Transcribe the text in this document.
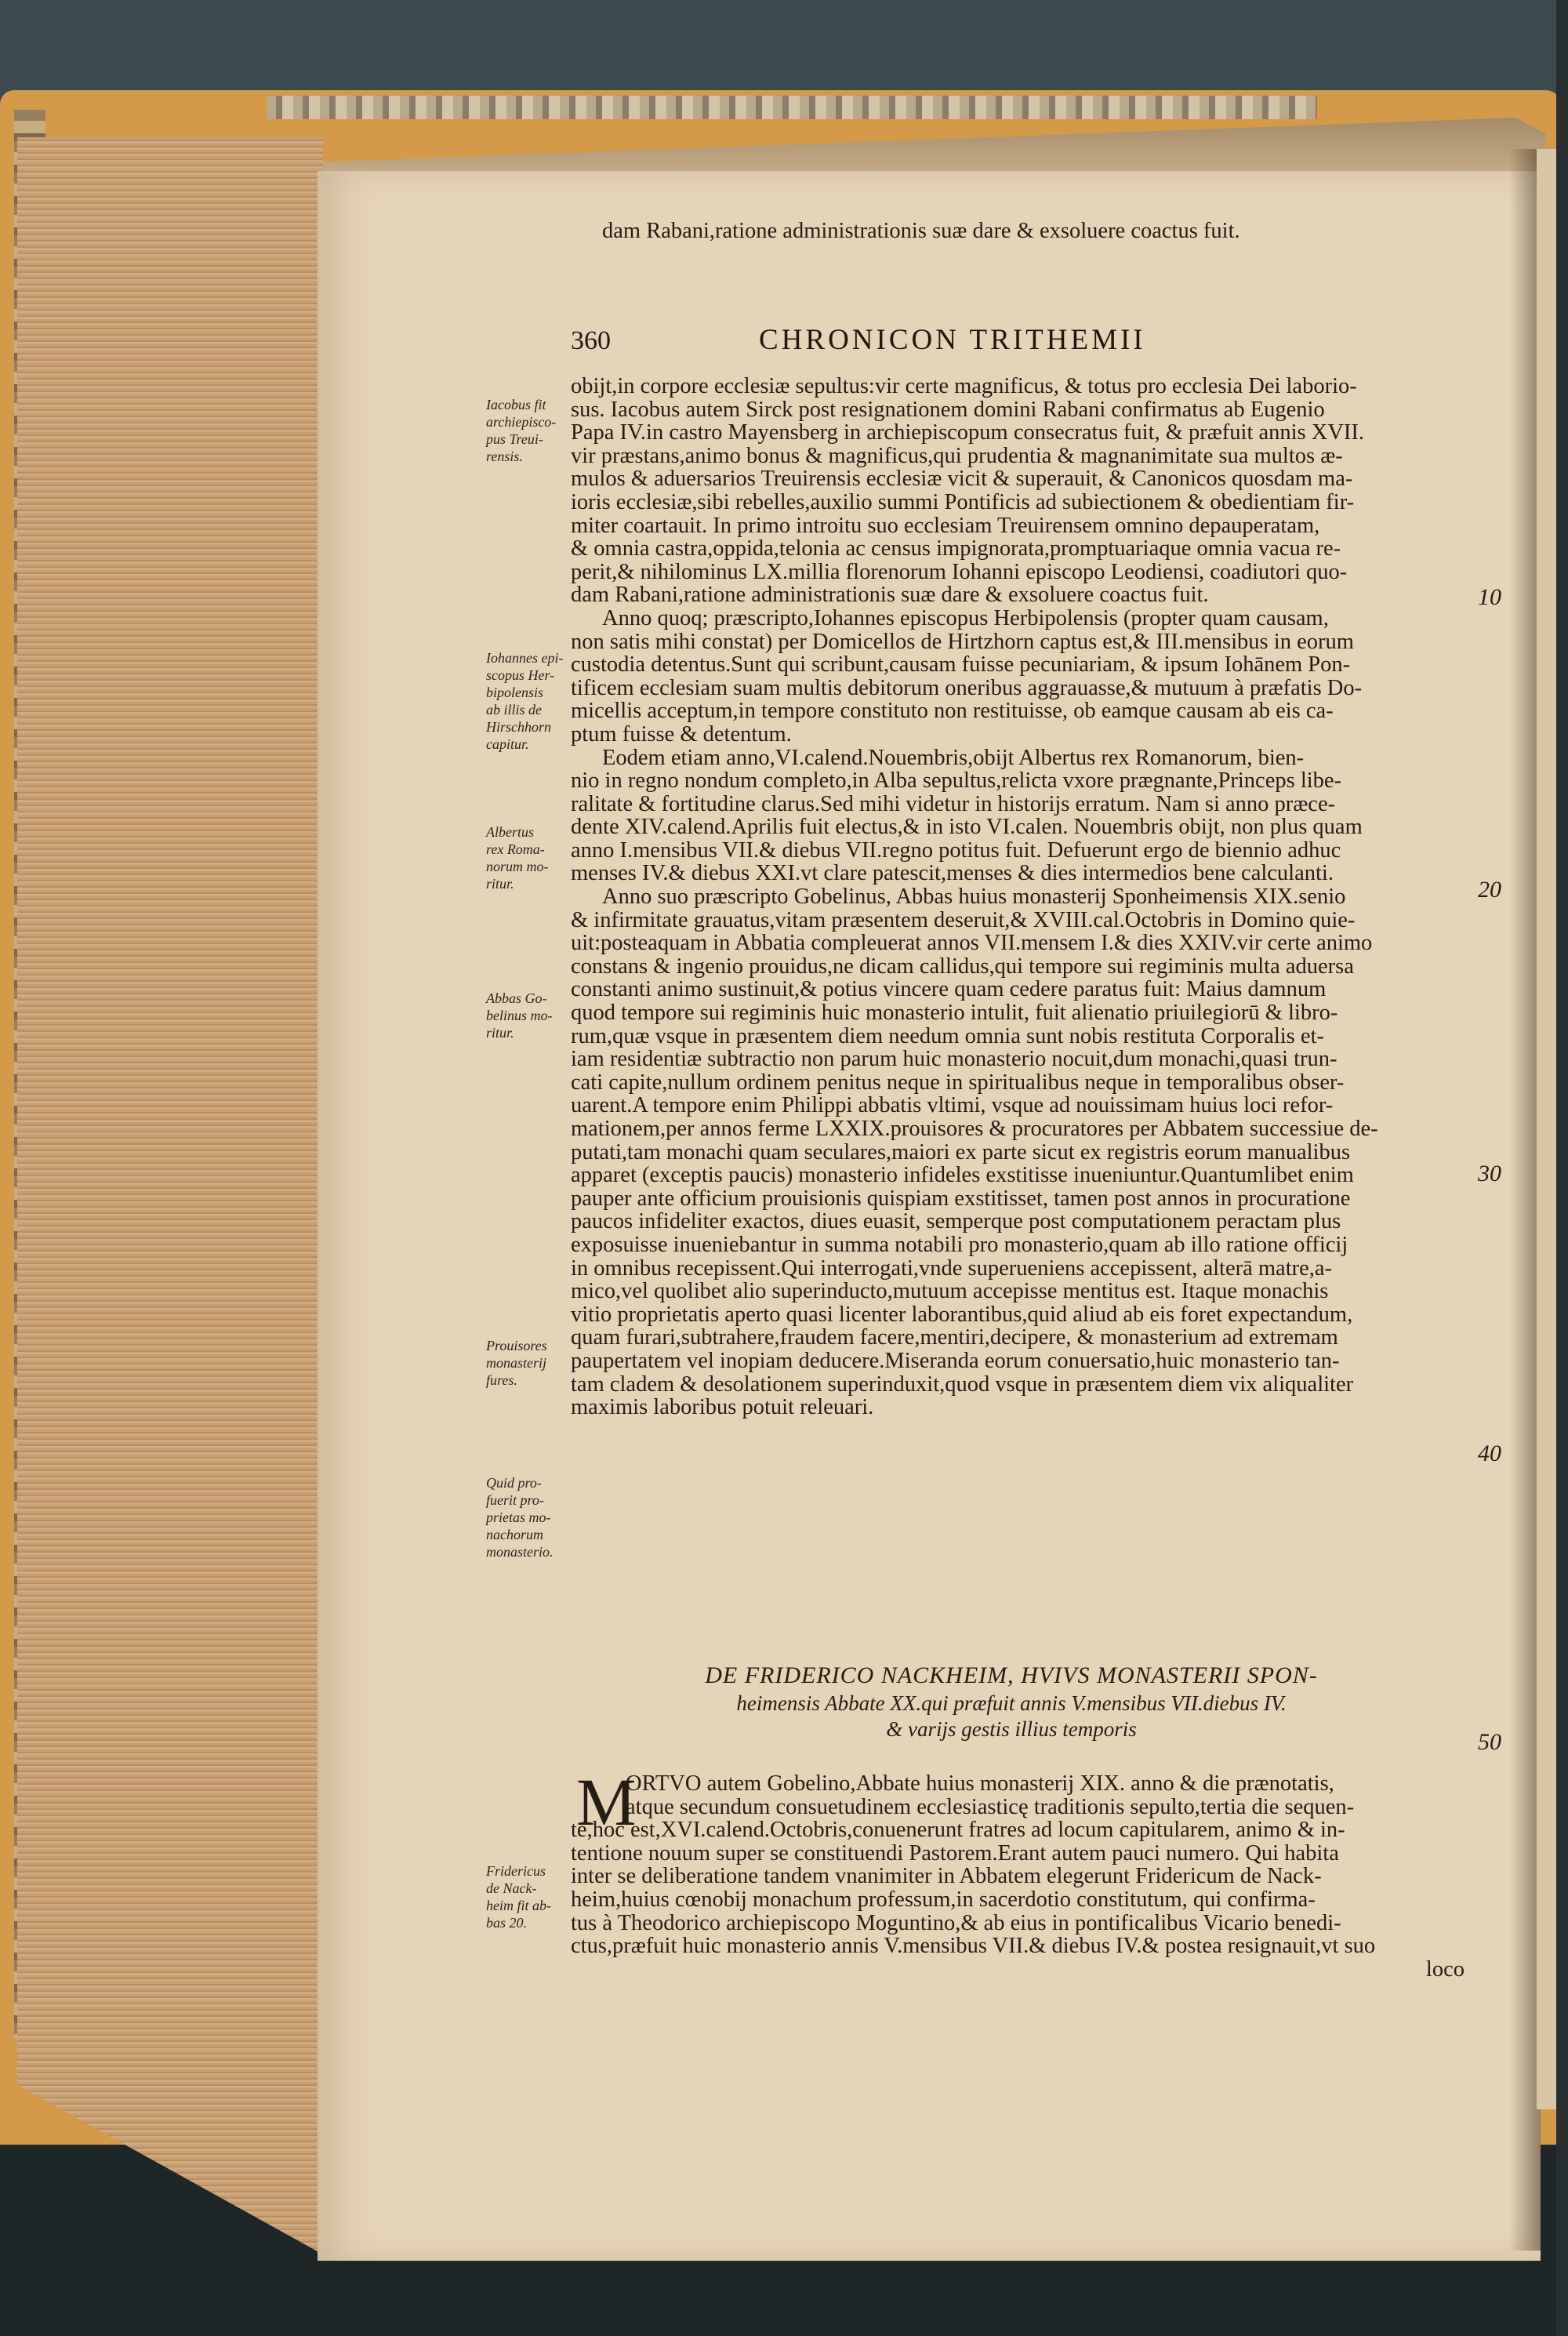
dam Rabani,ratione administrationis suæ dare & exsoluere coactus fuit.

360	CHRONICON TRITHEMII

obijt,in corpore ecclesiæ sepultus:vir certe magnificus, & totus pro ecclesia Dei laborio-

sus. Iacobus autem Sirck post resignationem domini Rabani confirmatus ab Eugenio

Papa IV.in castro Mayensberg in archiepiscopum consecratus fuit, & præfuit annis XVII.

vir præstans,animo bonus & magnificus,qui prudentia & magnanimitate sua multos æ-

mulos & aduersarios Treuirensis ecclesiæ vicit & superauit, & Canonicos quosdam ma-

ioris ecclesiæ,sibi rebelles,auxilio summi Pontificis ad subiectionem & obedientiam fir-

miter coartauit. In primo introitu suo ecclesiam Treuirensem omnino depauperatam,

& omnia castra,oppida,telonia ac census impignorata,promptuariaque omnia vacua re-

perit,& nihilominus LX.millia florenorum Iohanni episcopo Leodiensi, coadiutori quo-

dam Rabani,ratione administrationis suæ dare & exsoluere coactus fuit.

Anno quoq; præscripto,Iohannes episcopus Herbipolensis (propter quam causam,

non satis mihi constat) per Domicellos de Hirtzhorn captus est,& III.mensibus in eorum

custodia detentus.Sunt qui scribunt,causam fuisse pecuniariam, & ipsum Iohānem Pon-

tificem ecclesiam suam multis debitorum oneribus aggrauasse,& mutuum à præfatis Do-

micellis acceptum,in tempore constituto non restituisse, ob eamque causam ab eis ca-

ptum fuisse & detentum.

Eodem etiam anno,VI.calend.Nouembris,obijt Albertus rex Romanorum, bien-

nio in regno nondum completo,in Alba sepultus,relicta vxore prægnante,Princeps libe-

ralitate & fortitudine clarus.Sed mihi videtur in historijs erratum. Nam si anno præce-

dente XIV.calend.Aprilis fuit electus,& in isto VI.calen. Nouembris obijt, non plus quam

anno I.mensibus VII.& diebus VII.regno potitus fuit. Defuerunt ergo de biennio adhuc

menses IV.& diebus XXI.vt clare patescit,menses & dies intermedios bene calculanti.

Anno suo præscripto Gobelinus, Abbas huius monasterij Sponheimensis XIX.senio

& infirmitate grauatus,vitam præsentem deseruit,& XVIII.cal.Octobris in Domino quie-

uit:posteaquam in Abbatia compleuerat annos VII.mensem I.& dies XXIV.vir certe animo

constans & ingenio prouidus,ne dicam callidus,qui tempore sui regiminis multa aduersa

constanti animo sustinuit,& potius vincere quam cedere paratus fuit: Maius damnum

quod tempore sui regiminis huic monasterio intulit, fuit alienatio priuilegiorū & libro-

rum,quæ vsque in præsentem diem needum omnia sunt nobis restituta Corporalis et-

iam residentiæ subtractio non parum huic monasterio nocuit,dum monachi,quasi trun-

cati capite,nullum ordinem penitus neque in spiritualibus neque in temporalibus obser-

uarent.A tempore enim Philippi abbatis vltimi, vsque ad nouissimam huius loci refor-

mationem,per annos ferme LXXIX.prouisores & procuratores per Abbatem successiue de-

putati,tam monachi quam seculares,maiori ex parte sicut ex registris eorum manualibus

apparet (exceptis paucis) monasterio infideles exstitisse inueniuntur.Quantumlibet enim

pauper ante officium prouisionis quispiam exstitisset, tamen post annos in procuratione

paucos infideliter exactos, diues euasit, semperque post computationem peractam plus

exposuisse inueniebantur in summa notabili pro monasterio,quam ab illo ratione officij

in omnibus recepissent.Qui interrogati,vnde superueniens accepissent, alterā matre,a-

mico,vel quolibet alio superinducto,mutuum accepisse mentitus est. Itaque monachis

vitio proprietatis aperto quasi licenter laborantibus,quid aliud ab eis foret expectandum,

quam furari,subtrahere,fraudem facere,mentiri,decipere, & monasterium ad extremam

paupertatem vel inopiam deducere.Miseranda eorum conuersatio,huic monasterio tan-

tam cladem & desolationem superinduxit,quod vsque in præsentem diem vix aliqualiter

maximis laboribus potuit releuari.

10
20
30
40
50

Iacobus fit

archiepisco-

pus Treui-

rensis.

Iohannes epi-

scopus Her-

bipolensis

ab illis de

Hirschhorn

capitur.

Albertus

rex Roma-

norum mo-

ritur.

Abbas Go-

belinus mo-

ritur.

Prouisores

monasterij

fures.

Quid pro-

fuerit pro-

prietas mo-

nachorum

monasterio.

Fridericus

de Nack-

heim fit ab-

bas 20.

DE FRIDERICO NACKHEIM, HVIVS MONASTERII SPON-

heimensis Abbate XX.qui præfuit annis V.mensibus VII.diebus IV.

& varijs gestis illius temporis

M

ORTVO autem Gobelino,Abbate huius monasterij XIX. anno & die prænotatis,

atque secundum consuetudinem ecclesiasticę traditionis sepulto,tertia die sequen-

te,hoc est,XVI.calend.Octobris,conuenerunt fratres ad locum capitularem, animo & in-

tentione nouum super se constituendi Pastorem.Erant autem pauci numero. Qui habita

inter se deliberatione tandem vnanimiter in Abbatem elegerunt Fridericum de Nack-

heim,huius cœnobij monachum professum,in sacerdotio constitutum, qui confirma-

tus à Theodorico archiepiscopo Moguntino,& ab eius in pontificalibus Vicario benedi-

ctus,præfuit huic monasterio annis V.mensibus VII.& diebus IV.& postea resignauit,vt suo

loco
